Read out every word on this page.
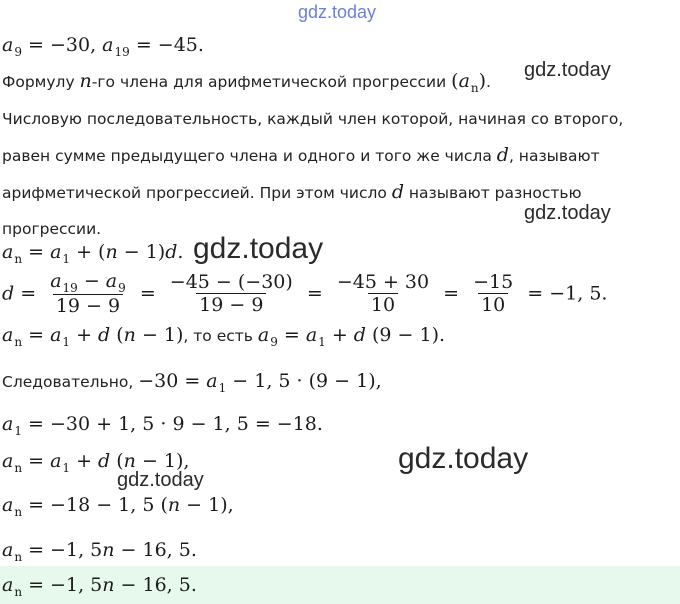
gdz.today
gdz.today
gdz.today
gdz.today
gdz.today
gdz.today
$a_9 = -30$, $a_{19} = -45$.
Формулу n-го члена для арифметической прогрессии $(a_n)$.
Числовую последовательность, каждый член которой, начиная со второго,
равен сумме предыдущего члена и одного и того же числа d, называют
арифметической прогрессией. При этом число d называют разностью
прогрессии.
$a_n = a_1 + (n - 1)d$.
$d = \frac{a_{19} - a_9}{19 - 9} = \frac{-45 - (-30)}{19 - 9} = \frac{-45 + 30}{10} = \frac{-15}{10} = -1$, 5.
$a_n = a_1 + d$ (n − 1), то есть $a_9 = a_1 + d$ (9 − 1).
Следовательно, $-30 = a_1 - 1$, 5 · (9 − 1),
$a_1 = -30 + 1$, 5 · 9 − 1, 5 = −18.
$a_n = a_1 + d$ (n − 1),
$a_n = -18 - 1$, 5 (n − 1),
$a_n = -1$, 5n − 16, 5.
$a_n = -1$, 5n − 16, 5.
